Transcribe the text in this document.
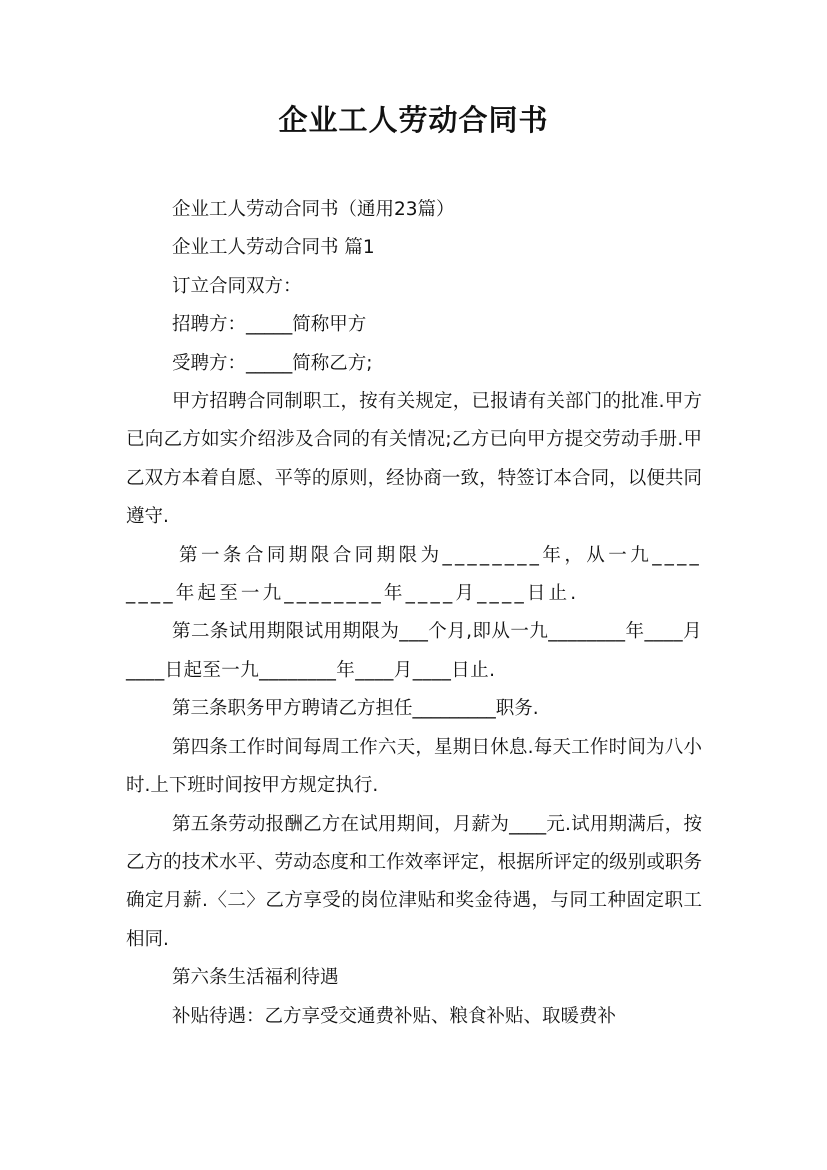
企业工人劳动合同书

企业工人劳动合同书（通用23篇）

企业工人劳动合同书 篇1

订立合同双方：

招聘方：_____简称甲方

受聘方：_____简称乙方;

甲方招聘合同制职工，按有关规定，已报请有关部门的批准.甲方已向乙方如实介绍涉及合同的有关情况;乙方已向甲方提交劳动手册.甲乙双方本着自愿、平等的原则，经协商一致，特签订本合同，以便共同遵守.

第一条合同期限合同期限为________年，从一九________年起至一九________年____月____日止.

第二条试用期限试用期限为___个月,即从一九________年____月____日起至一九________年____月____日止.

第三条职务甲方聘请乙方担任_________职务.

第四条工作时间每周工作六天，星期日休息.每天工作时间为八小时.上下班时间按甲方规定执行.

第五条劳动报酬乙方在试用期间，月薪为____元.试用期满后，按乙方的技术水平、劳动态度和工作效率评定，根据所评定的级别或职务确定月薪.〈二〉乙方享受的岗位津贴和奖金待遇，与同工种固定职工相同.

第六条生活福利待遇

补贴待遇：乙方享受交通费补贴、粮食补贴、取暖费补
